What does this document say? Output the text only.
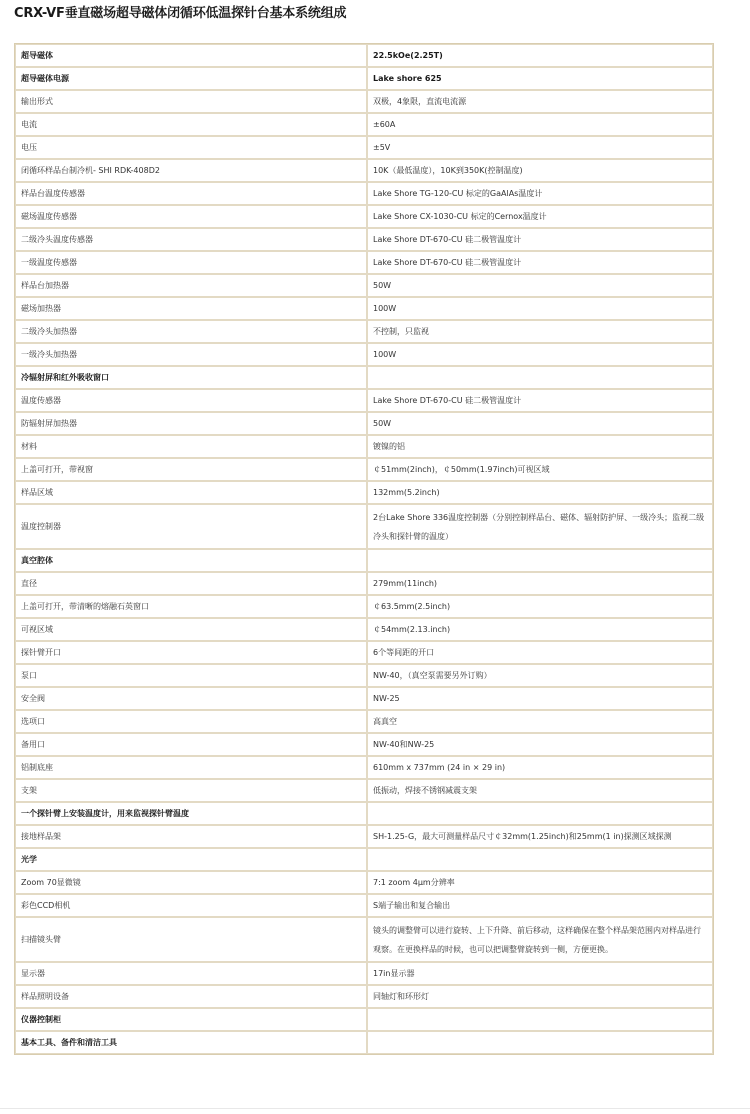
CRX-VF垂直磁场超导磁体闭循环低温探针台基本系统组成
超导磁体	22.5kOe(2.25T)
超导磁体电源	Lake shore 625
输出形式	双极，4象限，直流电流源
电流	±60A
电压	±5V
闭循环样品台制冷机- SHI RDK-408D2	10K（最低温度），10K到350K(控制温度)
样品台温度传感器	Lake Shore TG-120-CU 标定的GaAlAs温度计
磁场温度传感器	Lake Shore CX-1030-CU 标定的Cernox温度计
二级冷头温度传感器	Lake Shore DT-670-CU 硅二极管温度计
一级温度传感器	Lake Shore DT-670-CU 硅二极管温度计
样品台加热器	50W
磁场加热器	100W
二级冷头加热器	不控制，只监视
一级冷头加热器	100W
冷辐射屏和红外吸收窗口	
温度传感器	Lake Shore DT-670-CU 硅二极管温度计
防辐射屏加热器	50W
材料	镀镍的铝
上盖可打开，带视窗	￠51mm(2inch)，￠50mm(1.97inch)可视区域
样品区域	132mm(5.2inch)
温度控制器	2台Lake Shore 336温度控制器（分别控制样品台、磁体、辐射防护屏、一级冷头；监视二级冷头和探针臂的温度）
真空腔体	
直径	279mm(11inch)
上盖可打开，带清晰的熔融石英窗口	￠63.5mm(2.5inch)
可视区域	￠54mm(2.13.inch)
探针臂开口	6个等间距的开口
泵口	NW-40，（真空泵需要另外订购）
安全阀	NW-25
选项口	高真空
备用口	NW-40和NW-25
铝制底座	610mm x 737mm (24 in × 29 in)
支架	低振动，焊接不锈钢减震支架
一个探针臂上安装温度计，用来监视探针臂温度	
接地样品架	SH-1.25-G，最大可测量样品尺寸￠32mm(1.25inch)和25mm(1 in)探测区域探测
光学	
Zoom 70显微镜	7:1 zoom 4μm分辨率
彩色CCD相机	S端子输出和复合输出
扫描镜头臂	镜头的调整臂可以进行旋转、上下升降、前后移动，这样确保在整个样品架范围内对样品进行观察。在更换样品的时候，也可以把调整臂旋转到一侧，方便更换。
显示器	17in显示器
样品照明设备	同轴灯和环形灯
仪器控制柜	
基本工具、备件和清洁工具	
